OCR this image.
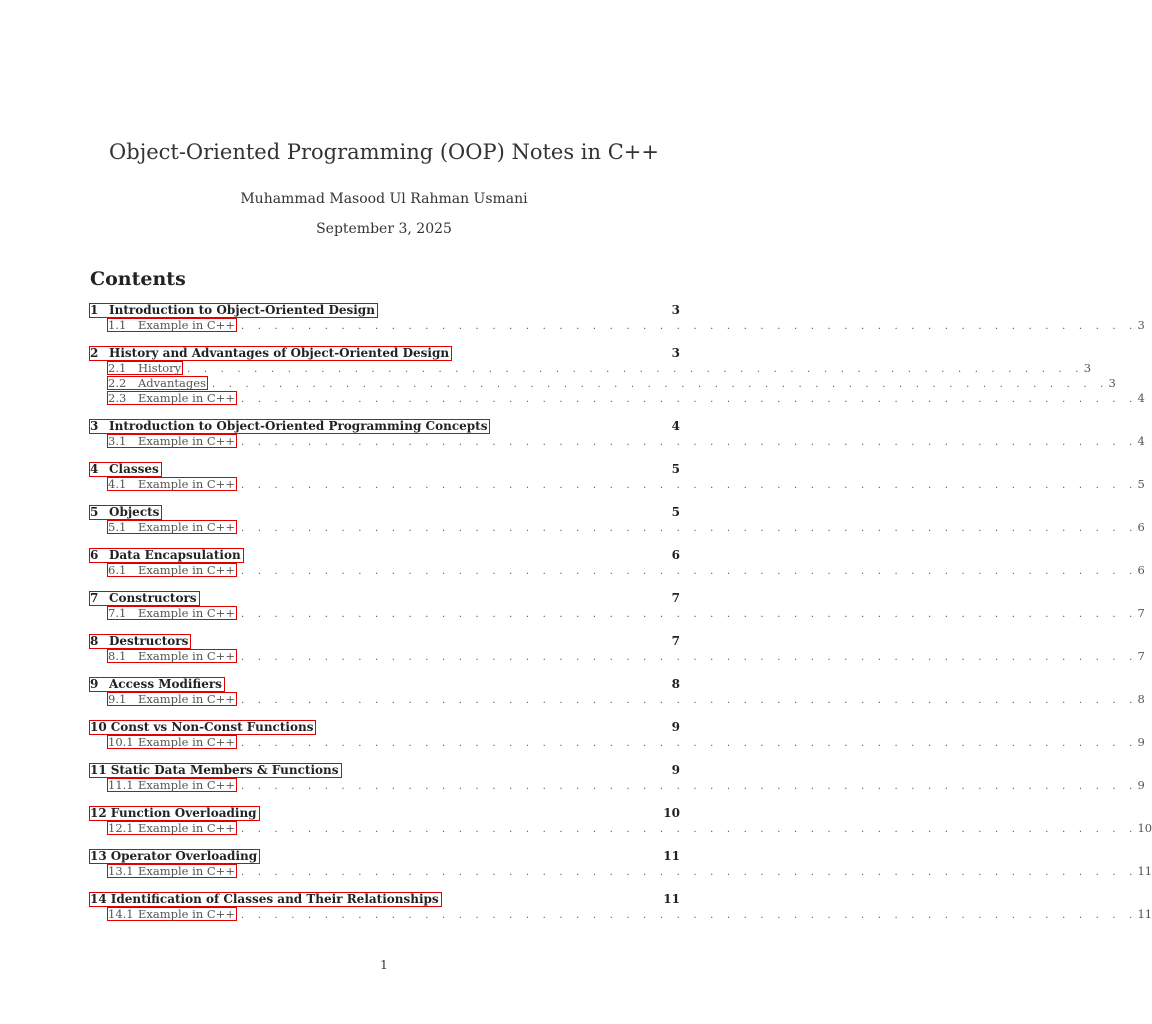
Object-Oriented Programming (OOP) Notes in C++
Muhammad Masood Ul Rahman Usmani
September 3, 2025
Contents
1 Introduction to Object-Oriented Design	3
1.1 Example in C++ . . . . . . . . . . . . . . . . . . . . . . . . . . . . . . . . . . . . . . . . . . . . . . . . . . . . . . 3
2 History and Advantages of Object-Oriented Design	3
2.1 History . . . . . . . . . . . . . . . . . . . . . . . . . . . . . . . . . . . . . . . . . . . . . . . . . . . . . . 3
2.2 Advantages . . . . . . . . . . . . . . . . . . . . . . . . . . . . . . . . . . . . . . . . . . . . . . . . . . . . . . 3
2.3 Example in C++ . . . . . . . . . . . . . . . . . . . . . . . . . . . . . . . . . . . . . . . . . . . . . . . . . . . . . . 4
3 Introduction to Object-Oriented Programming Concepts	4
3.1 Example in C++ . . . . . . . . . . . . . . . . . . . . . . . . . . . . . . . . . . . . . . . . . . . . . . . . . . . . . . 4
4 Classes	5
4.1 Example in C++ . . . . . . . . . . . . . . . . . . . . . . . . . . . . . . . . . . . . . . . . . . . . . . . . . . . . . . 5
5 Objects	5
5.1 Example in C++ . . . . . . . . . . . . . . . . . . . . . . . . . . . . . . . . . . . . . . . . . . . . . . . . . . . . . . 6
6 Data Encapsulation	6
6.1 Example in C++ . . . . . . . . . . . . . . . . . . . . . . . . . . . . . . . . . . . . . . . . . . . . . . . . . . . . . . 6
7 Constructors	7
7.1 Example in C++ . . . . . . . . . . . . . . . . . . . . . . . . . . . . . . . . . . . . . . . . . . . . . . . . . . . . . . 7
8 Destructors	7
8.1 Example in C++ . . . . . . . . . . . . . . . . . . . . . . . . . . . . . . . . . . . . . . . . . . . . . . . . . . . . . . 7
9 Access Modifiers	8
9.1 Example in C++ . . . . . . . . . . . . . . . . . . . . . . . . . . . . . . . . . . . . . . . . . . . . . . . . . . . . . . 8
10 Const vs Non-Const Functions	9
10.1 Example in C++ . . . . . . . . . . . . . . . . . . . . . . . . . . . . . . . . . . . . . . . . . . . . . . . . . . . . . . 9
11 Static Data Members & Functions	9
11.1 Example in C++ . . . . . . . . . . . . . . . . . . . . . . . . . . . . . . . . . . . . . . . . . . . . . . . . . . . . . . 9
12 Function Overloading	10
12.1 Example in C++ . . . . . . . . . . . . . . . . . . . . . . . . . . . . . . . . . . . . . . . . . . . . . . . . . . . . . . 10
13 Operator Overloading	11
13.1 Example in C++ . . . . . . . . . . . . . . . . . . . . . . . . . . . . . . . . . . . . . . . . . . . . . . . . . . . . . . 11
14 Identification of Classes and Their Relationships	11
14.1 Example in C++ . . . . . . . . . . . . . . . . . . . . . . . . . . . . . . . . . . . . . . . . . . . . . . . . . . . . . . 11
1
